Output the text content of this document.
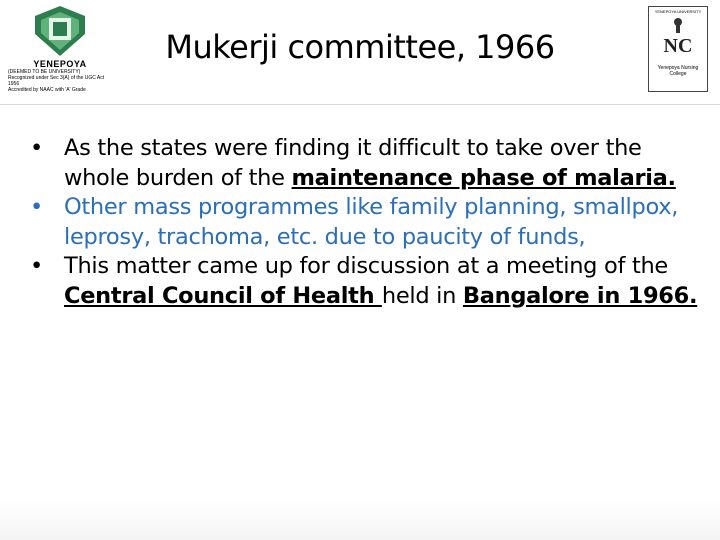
YENEPOYA
(DEEMED TO BE UNIVERSITY)
Recognized under Sec 3(A) of the UGC Act 1956
Accredited by NAAC with 'A' Grade
YENEPOYA UNIVERSITY
NC
Yenepoya Nursing College
Mukerji committee, 1966
• As the states were finding it difficult to take over the whole burden of the maintenance phase of malaria.
• Other mass programmes like family planning, smallpox, leprosy, trachoma, etc. due to paucity of funds,
• This matter came up for discussion at a meeting of the Central Council of Health held in Bangalore in 1966.
